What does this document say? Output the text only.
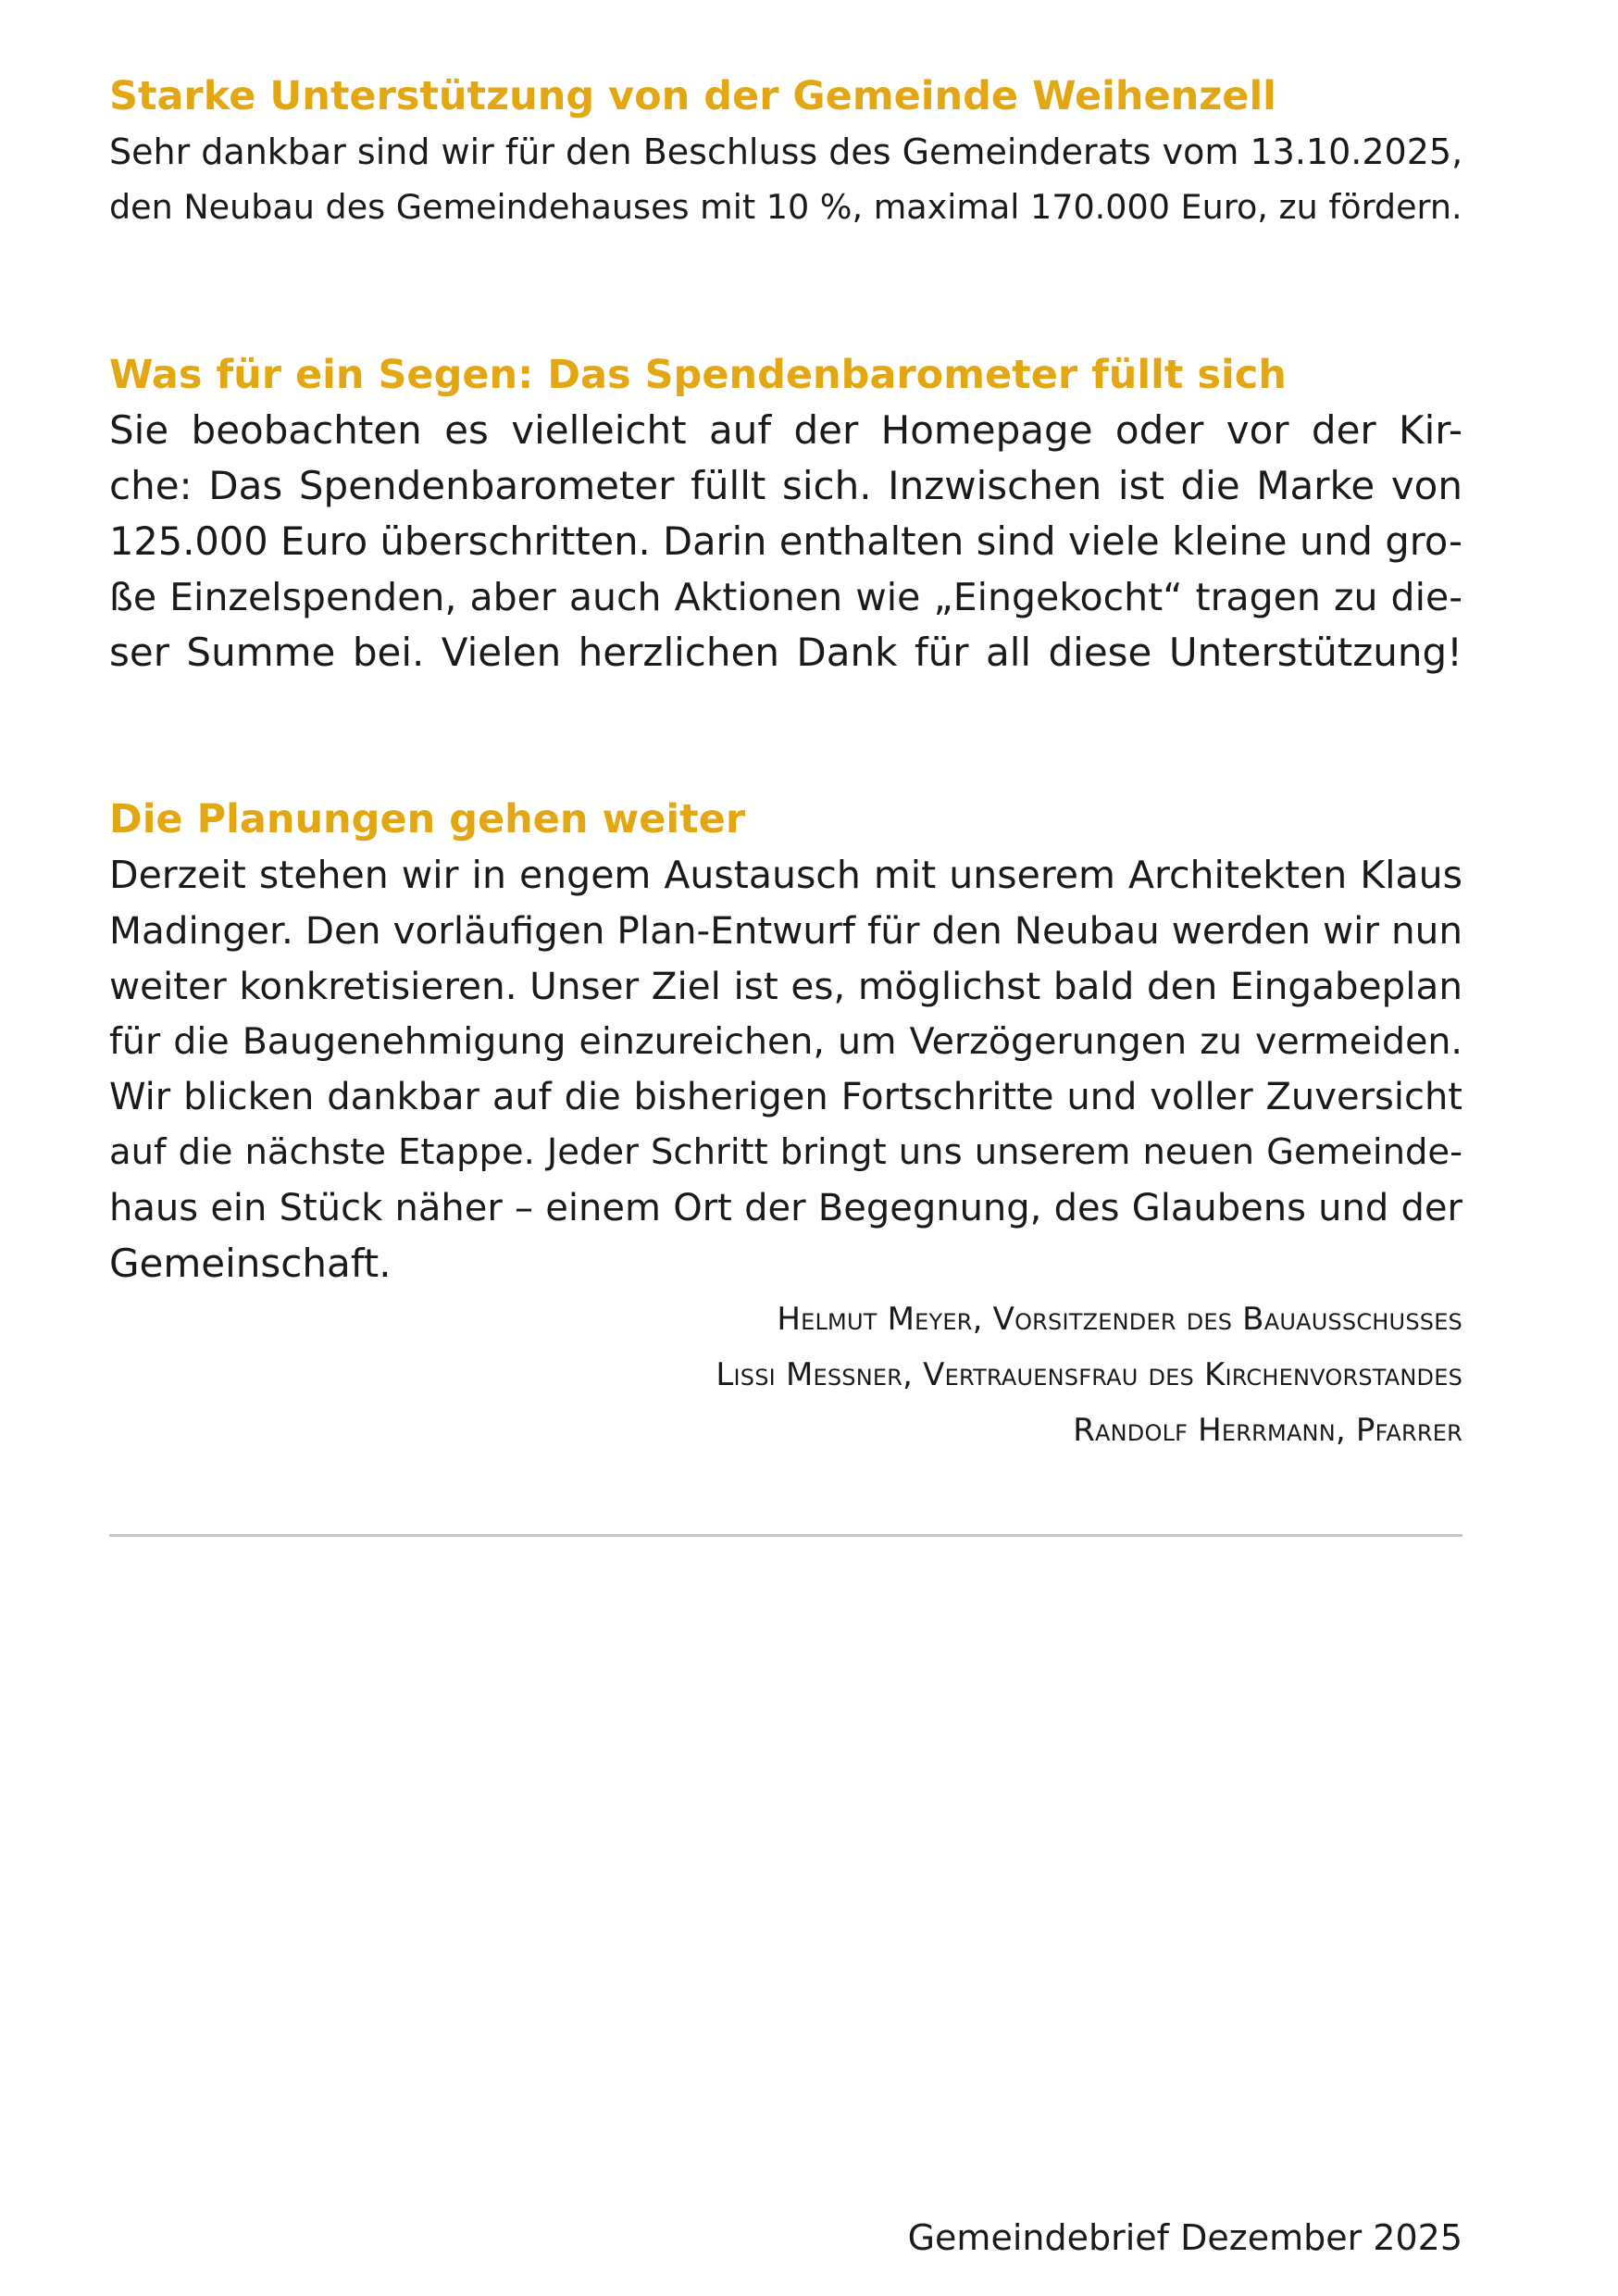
Starke Unterstützung von der Gemeinde Weihenzell

Sehr dankbar sind wir für den Beschluss des Gemeinderats vom 13.10.2025,
den Neubau des Gemeindehauses mit 10 %, maximal 170.000 Euro, zu fördern.

Was für ein Segen: Das Spendenbarometer füllt sich

Sie beobachten es vielleicht auf der Homepage oder vor der Kir-
che: Das Spendenbarometer füllt sich. Inzwischen ist die Marke von
125.000 Euro überschritten. Darin enthalten sind viele kleine und gro-
ße Einzelspenden, aber auch Aktionen wie „Eingekocht“ tragen zu die-
ser Summe bei. Vielen herzlichen Dank für all diese Unterstützung!

Die Planungen gehen weiter

Derzeit stehen wir in engem Austausch mit unserem Architekten Klaus
Madinger. Den vorläufigen Plan-Entwurf für den Neubau werden wir nun
weiter konkretisieren. Unser Ziel ist es, möglichst bald den Eingabeplan
für die Baugenehmigung einzureichen, um Verzögerungen zu vermeiden.
Wir blicken dankbar auf die bisherigen Fortschritte und voller Zuversicht
auf die nächste Etappe. Jeder Schritt bringt uns unserem neuen Gemeinde-
haus ein Stück näher – einem Ort der Begegnung, des Glaubens und der
Gemeinschaft.

Helmut Meyer, Vorsitzender des Bauausschusses
Lissi Messner, Vertrauensfrau des Kirchenvorstandes
Randolf Herrmann, Pfarrer
Gemeindebrief Dezember 2025
